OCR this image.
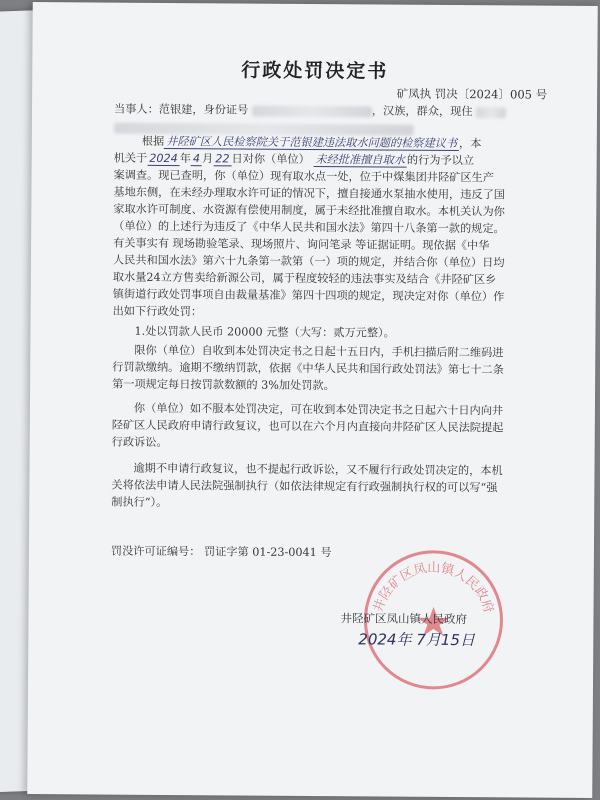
行政处罚决定书
矿凤执 罚决〔2024〕005 号
当事人：范银建，身份证号	，汉族，群众，现住
根据 井陉矿区人民检察院关于范银建违法取水问题的检察建议书 ，本
机关于 2024 年 4 月 22 日对你（单位） 未经批准擅自取水 的行为予以立
案调查。现已查明，你（单位）现有取水点一处，位于中煤集团井陉矿区生产
基地东侧，在未经办理取水许可证的情况下，擅自接通水泵抽水使用，违反了国
家取水许可制度、水资源有偿使用制度，属于未经批准擅自取水。本机关认为你
（单位）的上述行为违反了《中华人民共和国水法》第四十八条第一款的规定。
有关事实有 现场勘验笔录、现场照片、询问笔录 等证据证明。现依据《中华
人民共和国水法》第六十九条第一款第（一）项的规定，并结合你（单位）日均
取水量24立方售卖给新源公司，属于程度较轻的违法事实及结合《井陉矿区乡
镇街道行政处罚事项自由裁量基准》第四十四项的规定，现决定对你（单位）作
出如下行政处罚：
1.处以罚款人民币 20000 元整（大写：贰万元整）。
限你（单位）自收到本处罚决定书之日起十五日内，手机扫描后附二维码进
行罚款缴纳。逾期不缴纳罚款，依据《中华人民共和国行政处罚法》第七十二条
第一项规定每日按罚款数额的 3%加处罚款。
你（单位）如不服本处罚决定，可在收到本处罚决定书之日起六十日内向井
陉矿区人民政府申请行政复议，也可以在六个月内直接向井陉矿区人民法院提起
行政诉讼。
逾期不申请行政复议，也不提起行政诉讼，又不履行行政处罚决定的，本机
关将依法申请人民法院强制执行（如依法律规定有行政强制执行权的可以写“强
制执行”）。
罚没许可证编号： 罚证字第 01-23-0041 号
井陉矿区凤山镇人民政府
井陉矿区凤山镇人民政府
2024年 7月15日
